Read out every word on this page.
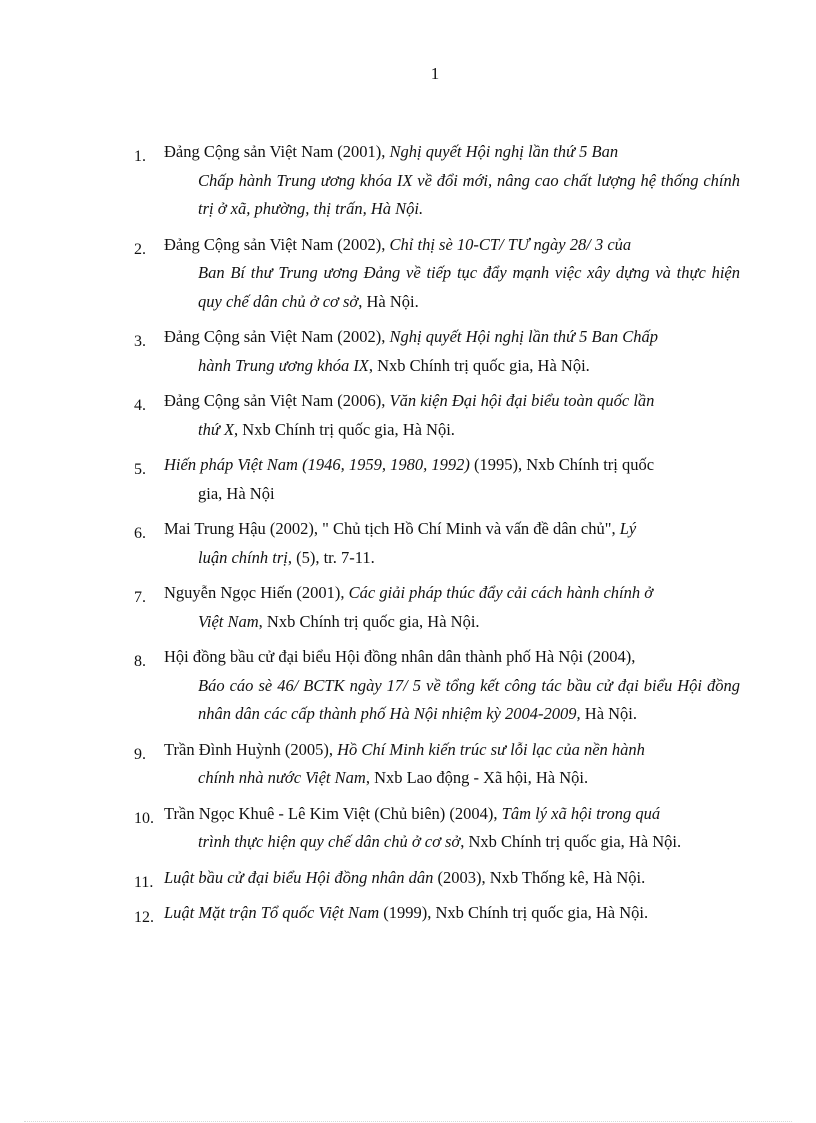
1
1. Đảng Cộng sản Việt Nam (2001), Nghị quyết Hội nghị lần thứ 5 Ban
Chấp hành Trung ương khóa IX về đổi mới, nâng cao chất lượng hệ thống chính trị ở xã, phường, thị trấn, Hà Nội.
2. Đảng Cộng sản Việt Nam (2002), Chỉ thị sè 10-CT/ TƯ ngày 28/ 3 của
Ban Bí thư Trung ương Đảng về tiếp tục đẩy mạnh việc xây dựng và thực hiện quy chế dân chủ ở cơ sở, Hà Nội.
3. Đảng Cộng sản Việt Nam (2002), Nghị quyết Hội nghị lần thứ 5 Ban Chấp
hành Trung ương khóa IX, Nxb Chính trị quốc gia, Hà Nội.
4. Đảng Cộng sản Việt Nam (2006), Văn kiện Đại hội đại biểu toàn quốc lần
thứ X, Nxb Chính trị quốc gia, Hà Nội.
5. Hiến pháp Việt Nam (1946, 1959, 1980, 1992) (1995), Nxb Chính trị quốc
gia, Hà Nội
6. Mai Trung Hậu (2002), " Chủ tịch Hồ Chí Minh và vấn đề dân chủ", Lý
luận chính trị, (5), tr. 7-11.
7. Nguyễn Ngọc Hiến (2001), Các giải pháp thúc đẩy cải cách hành chính ở
Việt Nam, Nxb Chính trị quốc gia, Hà Nội.
8. Hội đồng bầu cử đại biểu Hội đồng nhân dân thành phố Hà Nội (2004),
Báo cáo sè 46/ BCTK ngày 17/ 5 về tổng kết công tác bầu cử đại biểu Hội đồng nhân dân các cấp thành phố Hà Nội nhiệm kỳ 2004-2009, Hà Nội.
9. Trần Đình Huỳnh (2005), Hồ Chí Minh kiến trúc sư lỗi lạc của nền hành
chính nhà nước Việt Nam, Nxb Lao động - Xã hội, Hà Nội.
10. Trần Ngọc Khuê - Lê Kim Việt (Chủ biên) (2004), Tâm lý xã hội trong quá
trình thực hiện quy chế dân chủ ở cơ sở, Nxb Chính trị quốc gia, Hà Nội.
11. Luật bầu cử đại biểu Hội đồng nhân dân (2003), Nxb Thống kê, Hà Nội.
12. Luật Mặt trận Tổ quốc Việt Nam (1999), Nxb Chính trị quốc gia, Hà Nội.
